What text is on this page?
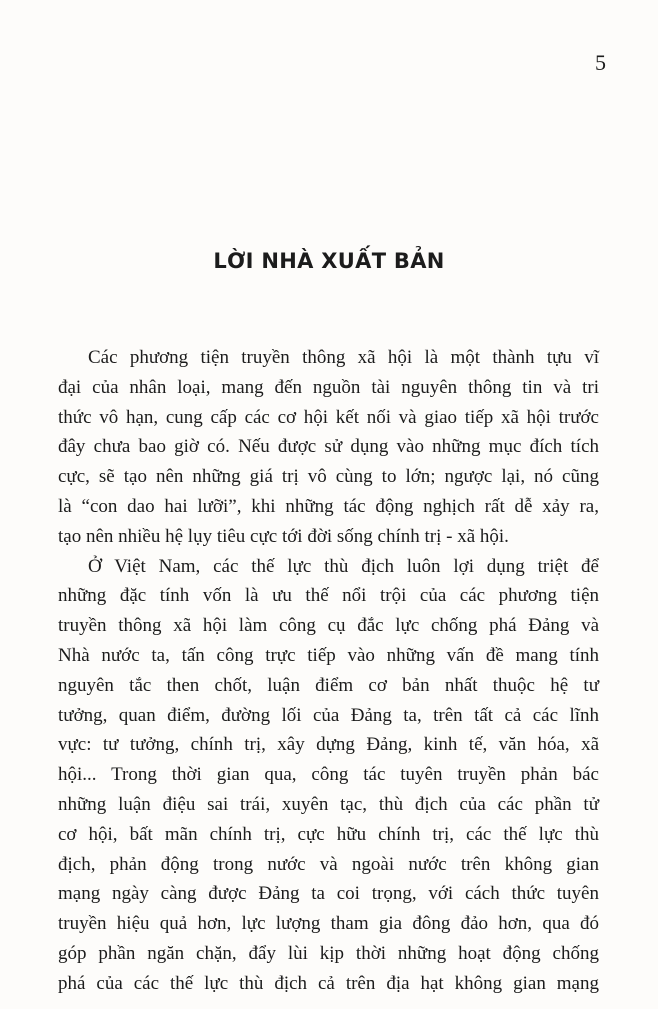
5
LỜI NHÀ XUẤT BẢN
Các phương tiện truyền thông xã hội là một thành tựu vĩ
đại của nhân loại, mang đến nguồn tài nguyên thông tin và tri
thức vô hạn, cung cấp các cơ hội kết nối và giao tiếp xã hội trước
đây chưa bao giờ có. Nếu được sử dụng vào những mục đích tích
cực, sẽ tạo nên những giá trị vô cùng to lớn; ngược lại, nó cũng
là “con dao hai lưỡi”, khi những tác động nghịch rất dễ xảy ra,
tạo nên nhiều hệ lụy tiêu cực tới đời sống chính trị - xã hội.
Ở Việt Nam, các thế lực thù địch luôn lợi dụng triệt để
những đặc tính vốn là ưu thế nổi trội của các phương tiện
truyền thông xã hội làm công cụ đắc lực chống phá Đảng và
Nhà nước ta, tấn công trực tiếp vào những vấn đề mang tính
nguyên tắc then chốt, luận điểm cơ bản nhất thuộc hệ tư
tưởng, quan điểm, đường lối của Đảng ta, trên tất cả các lĩnh
vực: tư tưởng, chính trị, xây dựng Đảng, kinh tế, văn hóa, xã
hội... Trong thời gian qua, công tác tuyên truyền phản bác
những luận điệu sai trái, xuyên tạc, thù địch của các phần tử
cơ hội, bất mãn chính trị, cực hữu chính trị, các thế lực thù
địch, phản động trong nước và ngoài nước trên không gian
mạng ngày càng được Đảng ta coi trọng, với cách thức tuyên
truyền hiệu quả hơn, lực lượng tham gia đông đảo hơn, qua đó
góp phần ngăn chặn, đẩy lùi kịp thời những hoạt động chống
phá của các thế lực thù địch cả trên địa hạt không gian mạng
